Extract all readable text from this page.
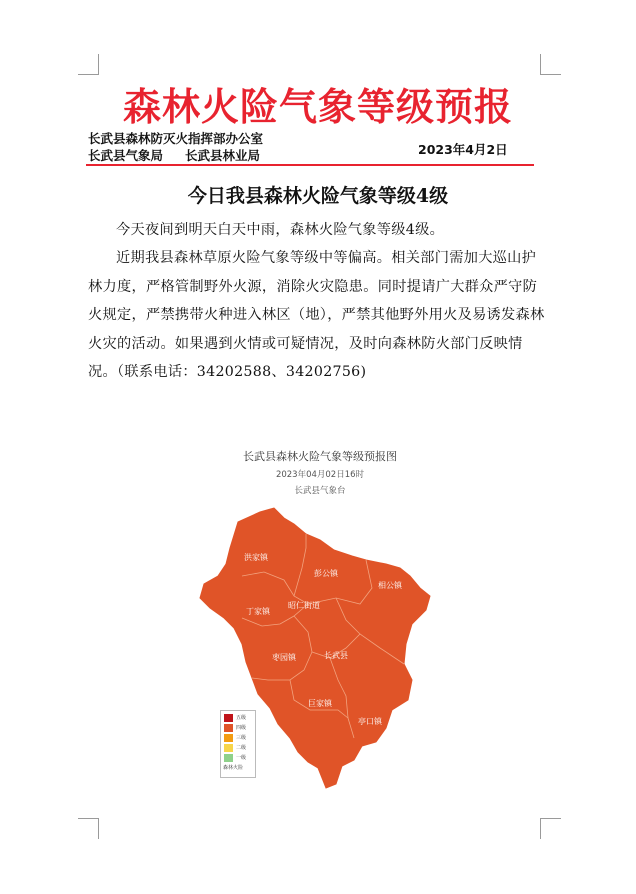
森林火险气象等级预报
长武县森林防灭火指挥部办公室
长武县气象局 长武县林业局	2023年4月2日
今日我县森林火险气象等级4级
今天夜间到明天白天中雨，森林火险气象等级4级。
近期我县森林草原火险气象等级中等偏高。相关部门需加大巡山护林力度，严格管制野外火源，消除火灾隐患。同时提请广大群众严守防火规定，严禁携带火种进入林区（地），严禁其他野外用火及易诱发森林火灾的活动。如果遇到火情或可疑情况，及时向森林防火部门反映情况。（联系电话：34202588、34202756)
洪家镇
彭公镇
相公镇
丁家镇
昭仁街道
枣园镇	长武县
巨家镇
亭口镇
长武县森林火险气象等级预报图
2023年04月02日16时
长武县气象台
五级
四级
三级
二级
一级
森林火险
